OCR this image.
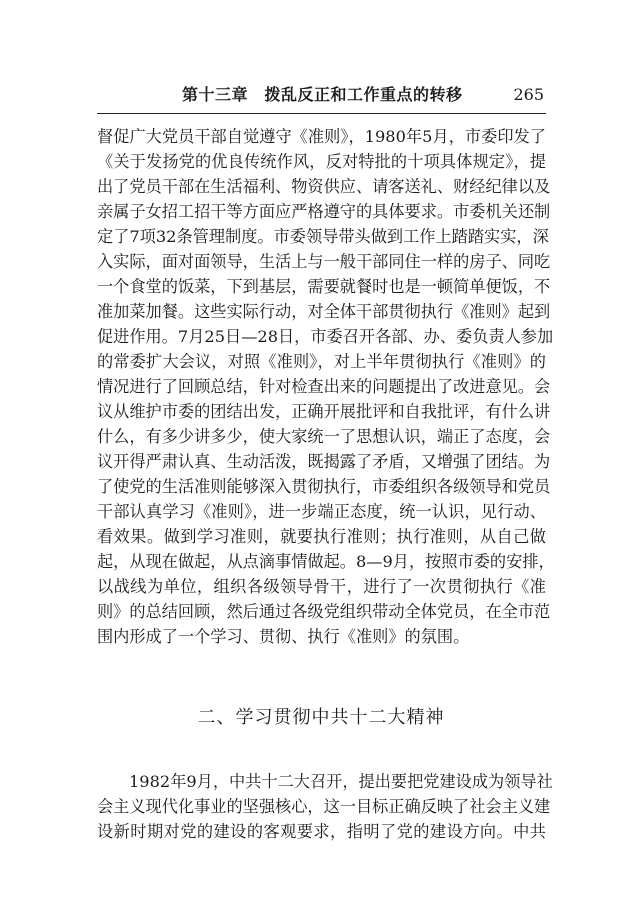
第十三章　拨乱反正和工作重点的转移	265
督促广大党员干部自觉遵守《准则》，1980年5月，市委印发了
《关于发扬党的优良传统作风，反对特批的十项具体规定》，提
出了党员干部在生活福利、物资供应、请客送礼、财经纪律以及
亲属子女招工招干等方面应严格遵守的具体要求。市委机关还制
定了7项32条管理制度。市委领导带头做到工作上踏踏实实，深
入实际，面对面领导，生活上与一般干部同住一样的房子、同吃
一个食堂的饭菜，下到基层，需要就餐时也是一顿简单便饭，不
准加菜加餐。这些实际行动，对全体干部贯彻执行《准则》起到
促进作用。7月25日—28日，市委召开各部、办、委负责人参加
的常委扩大会议，对照《准则》，对上半年贯彻执行《准则》的
情况进行了回顾总结，针对检查出来的问题提出了改进意见。会
议从维护市委的团结出发，正确开展批评和自我批评，有什么讲
什么，有多少讲多少，使大家统一了思想认识，端正了态度，会
议开得严肃认真、生动活泼，既揭露了矛盾，又增强了团结。为
了使党的生活准则能够深入贯彻执行，市委组织各级领导和党员
干部认真学习《准则》，进一步端正态度，统一认识，见行动、
看效果。做到学习准则，就要执行准则；执行准则，从自己做
起，从现在做起，从点滴事情做起。8—9月，按照市委的安排，
以战线为单位，组织各级领导骨干，进行了一次贯彻执行《准
则》的总结回顾，然后通过各级党组织带动全体党员，在全市范
围内形成了一个学习、贯彻、执行《准则》的氛围。
二、学习贯彻中共十二大精神
1982年9月，中共十二大召开，提出要把党建设成为领导社
会主义现代化事业的坚强核心，这一目标正确反映了社会主义建
设新时期对党的建设的客观要求，指明了党的建设方向。中共
